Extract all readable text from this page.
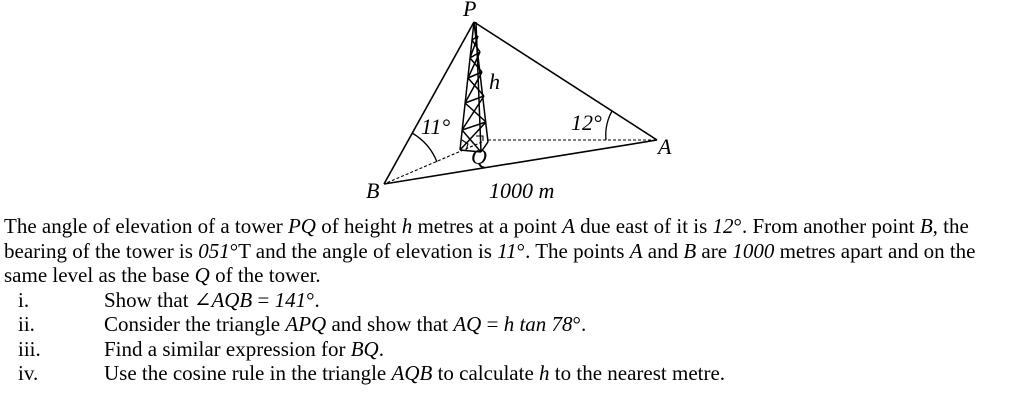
P
h
Q	A
B
11°	12°
1000 m

The angle of elevation of a tower PQ of height h metres at a point A due east of it is 12°. From another point B, the bearing of the tower is 051°T and the angle of elevation is 11°. The points A and B are 1000 metres apart and on the same level as the base Q of the tower.

i.	Show that ∠AQB = 141°.
ii.	Consider the triangle APQ and show that AQ = h tan 78°.
iii.	Find a similar expression for BQ.
iv.	Use the cosine rule in the triangle AQB to calculate h to the nearest metre.
